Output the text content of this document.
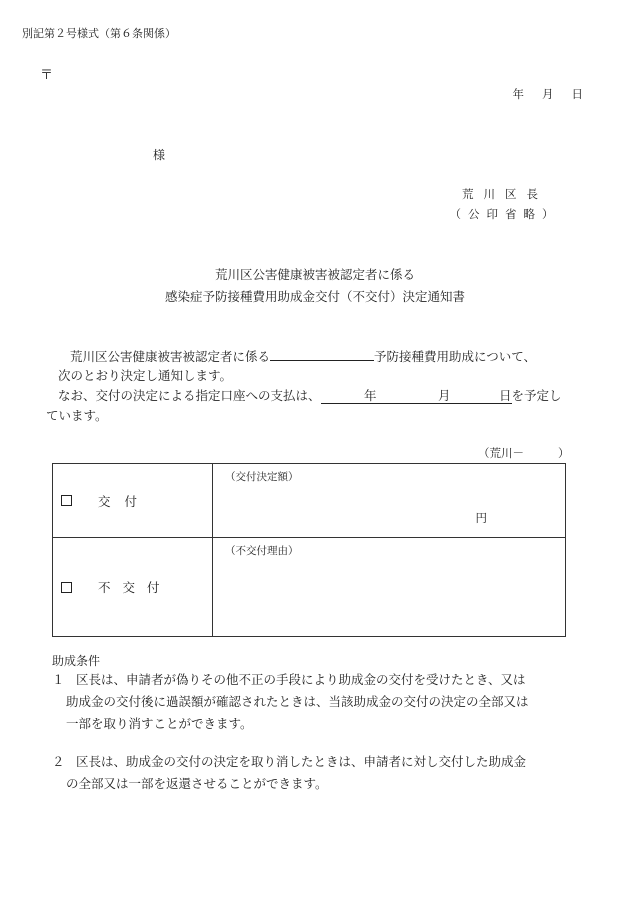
別記第２号様式（第６条関係）
〒
年 月 日
様
荒川区長
（公印省略）
荒川区公害健康被害被認定者に係る
感染症予防接種費用助成金交付（不交付）決定通知書
荒川区公害健康被害被認定者に係る	予防接種費用助成について、
次のとおり決定し通知します。
なお、交付の決定による指定口座への支払は、	年	月	日を予定し
ています。
（荒川－	）
交付	（交付決定額）
円

不交付	（不交付理由）
助成条件
１ 区長は、申請者が偽りその他不正の手段により助成金の交付を受けたとき、又は
助成金の交付後に過誤額が確認されたときは、当該助成金の交付の決定の全部又は
一部を取り消すことができます。
２ 区長は、助成金の交付の決定を取り消したときは、申請者に対し交付した助成金
の全部又は一部を返還させることができます。
